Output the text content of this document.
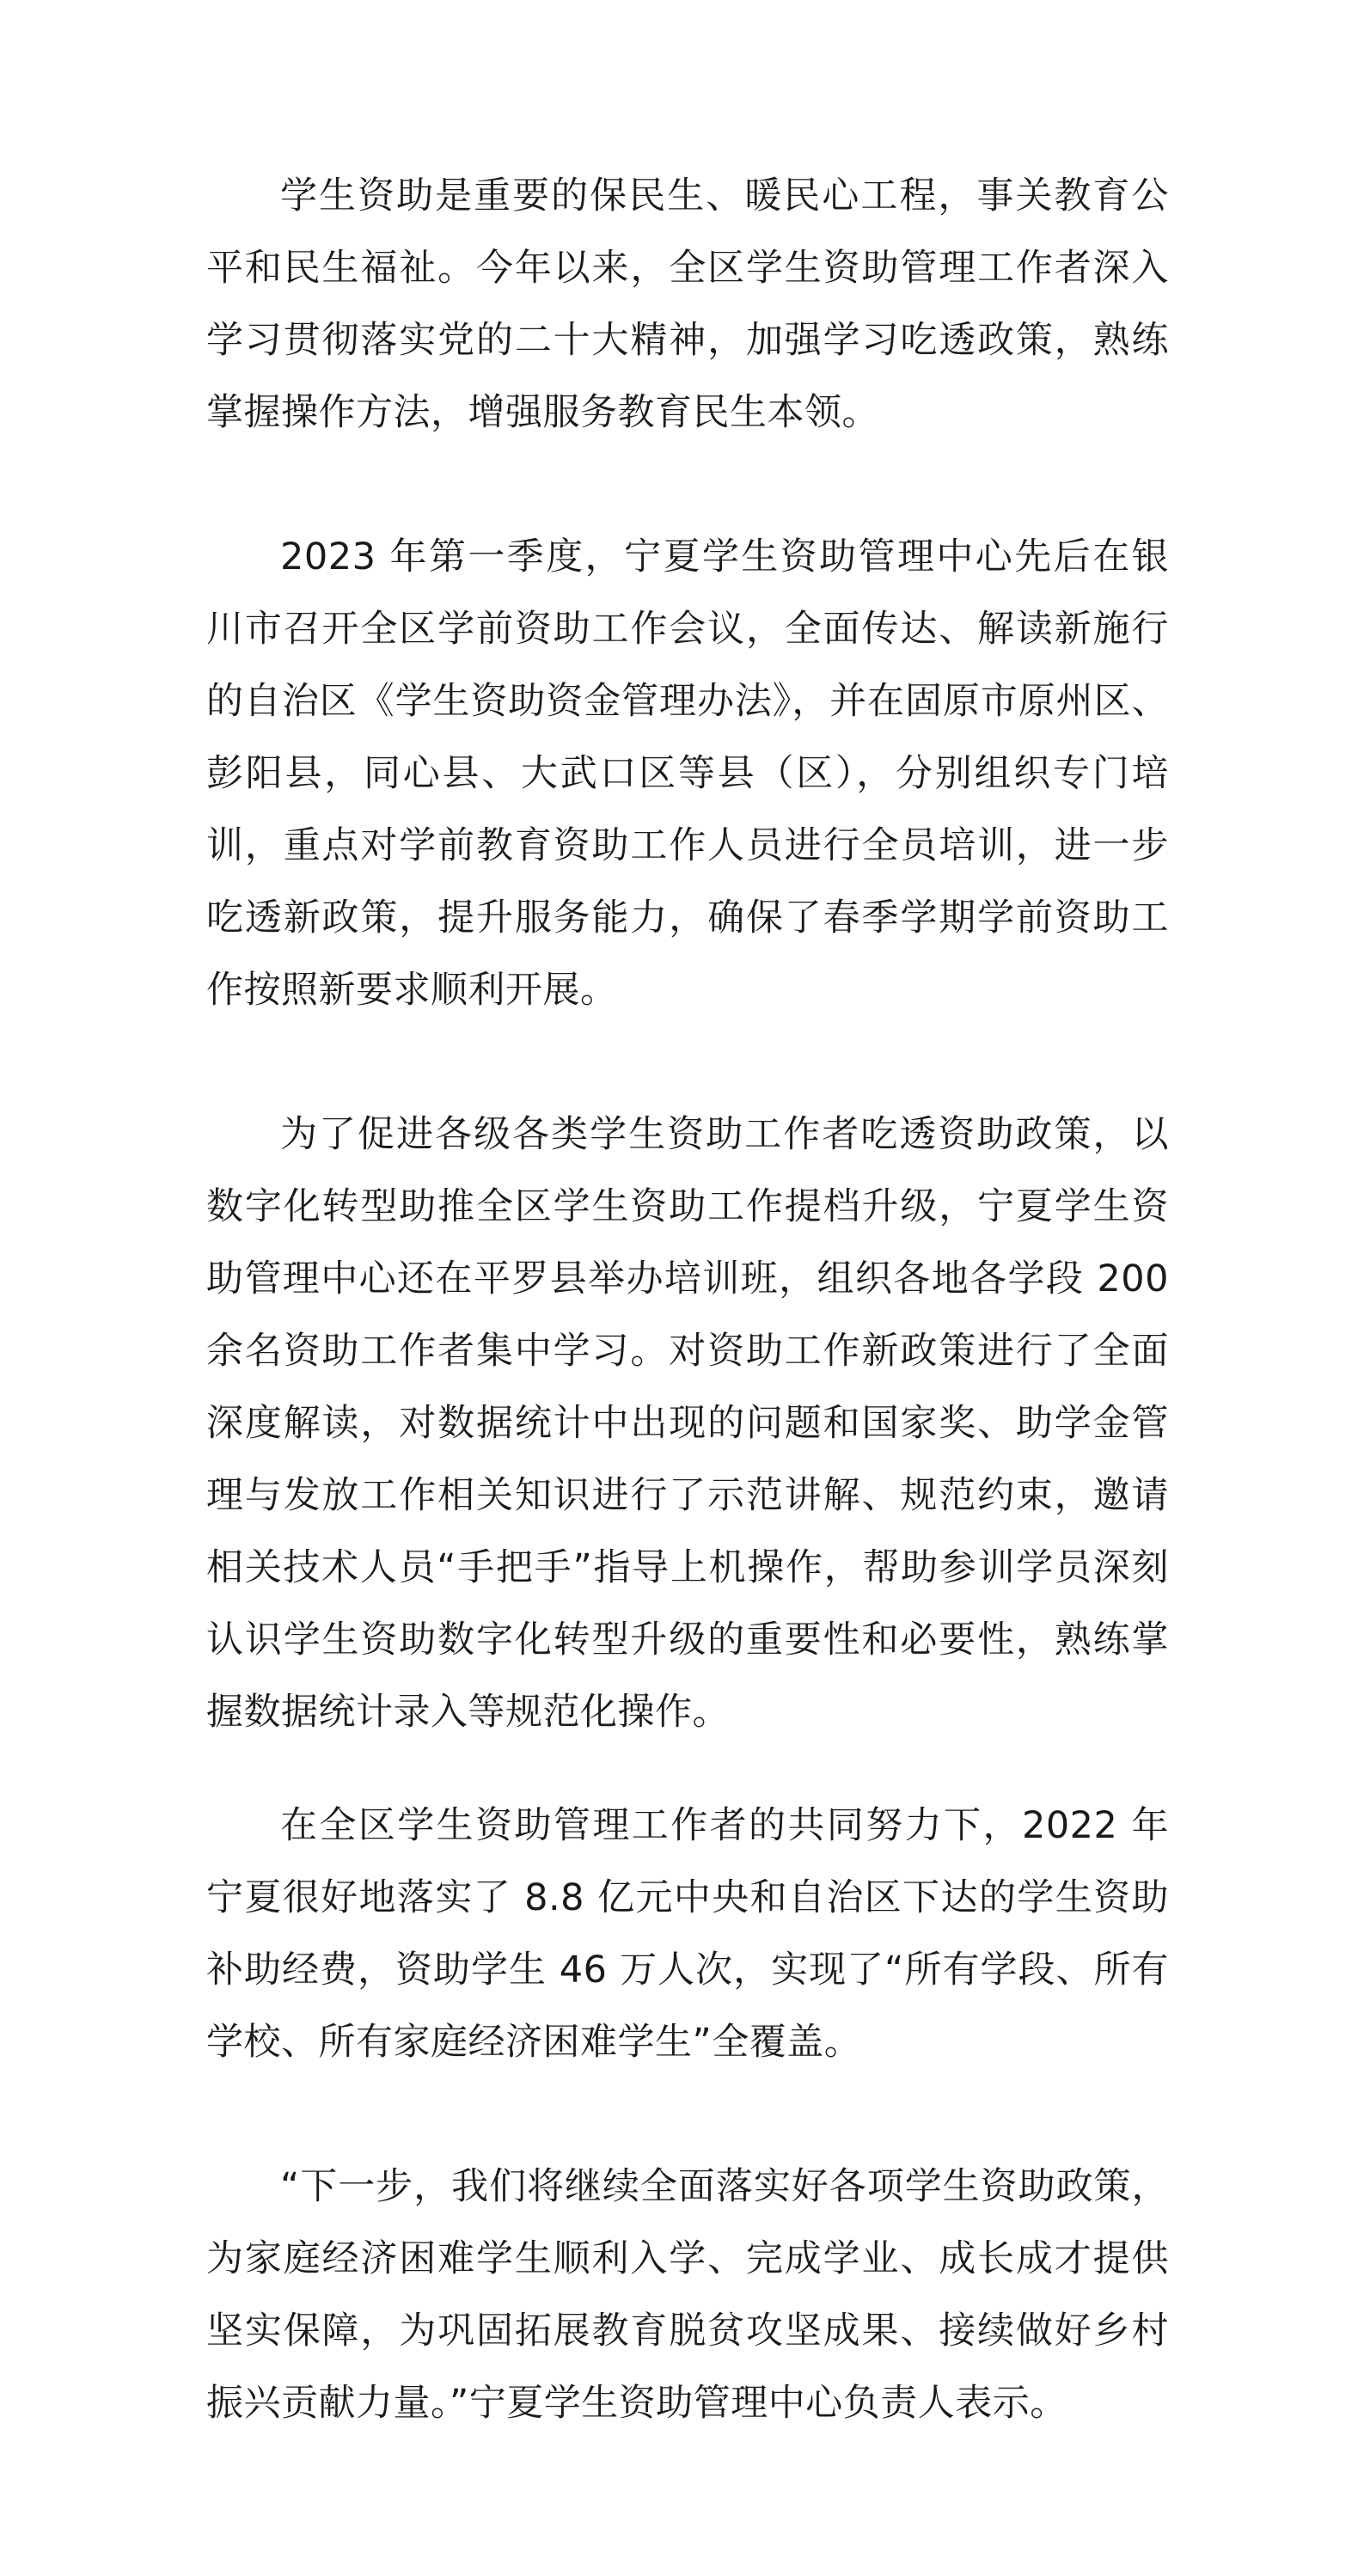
学生资助是重要的保民生、暖民心工程，事关教育公平和民生福祉。今年以来，全区学生资助管理工作者深入学习贯彻落实党的二十大精神，加强学习吃透政策，熟练掌握操作方法，增强服务教育民生本领。

2023 年第一季度，宁夏学生资助管理中心先后在银川市召开全区学前资助工作会议，全面传达、解读新施行的自治区《学生资助资金管理办法》，并在固原市原州区、彭阳县，同心县、大武口区等县（区），分别组织专门培训，重点对学前教育资助工作人员进行全员培训，进一步吃透新政策，提升服务能力，确保了春季学期学前资助工作按照新要求顺利开展。

为了促进各级各类学生资助工作者吃透资助政策，以数字化转型助推全区学生资助工作提档升级，宁夏学生资助管理中心还在平罗县举办培训班，组织各地各学段 200 余名资助工作者集中学习。对资助工作新政策进行了全面深度解读，对数据统计中出现的问题和国家奖、助学金管理与发放工作相关知识进行了示范讲解、规范约束，邀请相关技术人员“手把手”指导上机操作，帮助参训学员深刻认识学生资助数字化转型升级的重要性和必要性，熟练掌握数据统计录入等规范化操作。

在全区学生资助管理工作者的共同努力下，2022 年宁夏很好地落实了 8.8 亿元中央和自治区下达的学生资助补助经费，资助学生 46 万人次，实现了“所有学段、所有学校、所有家庭经济困难学生”全覆盖。

“下一步，我们将继续全面落实好各项学生资助政策，为家庭经济困难学生顺利入学、完成学业、成长成才提供坚实保障，为巩固拓展教育脱贫攻坚成果、接续做好乡村振兴贡献力量。”宁夏学生资助管理中心负责人表示。
